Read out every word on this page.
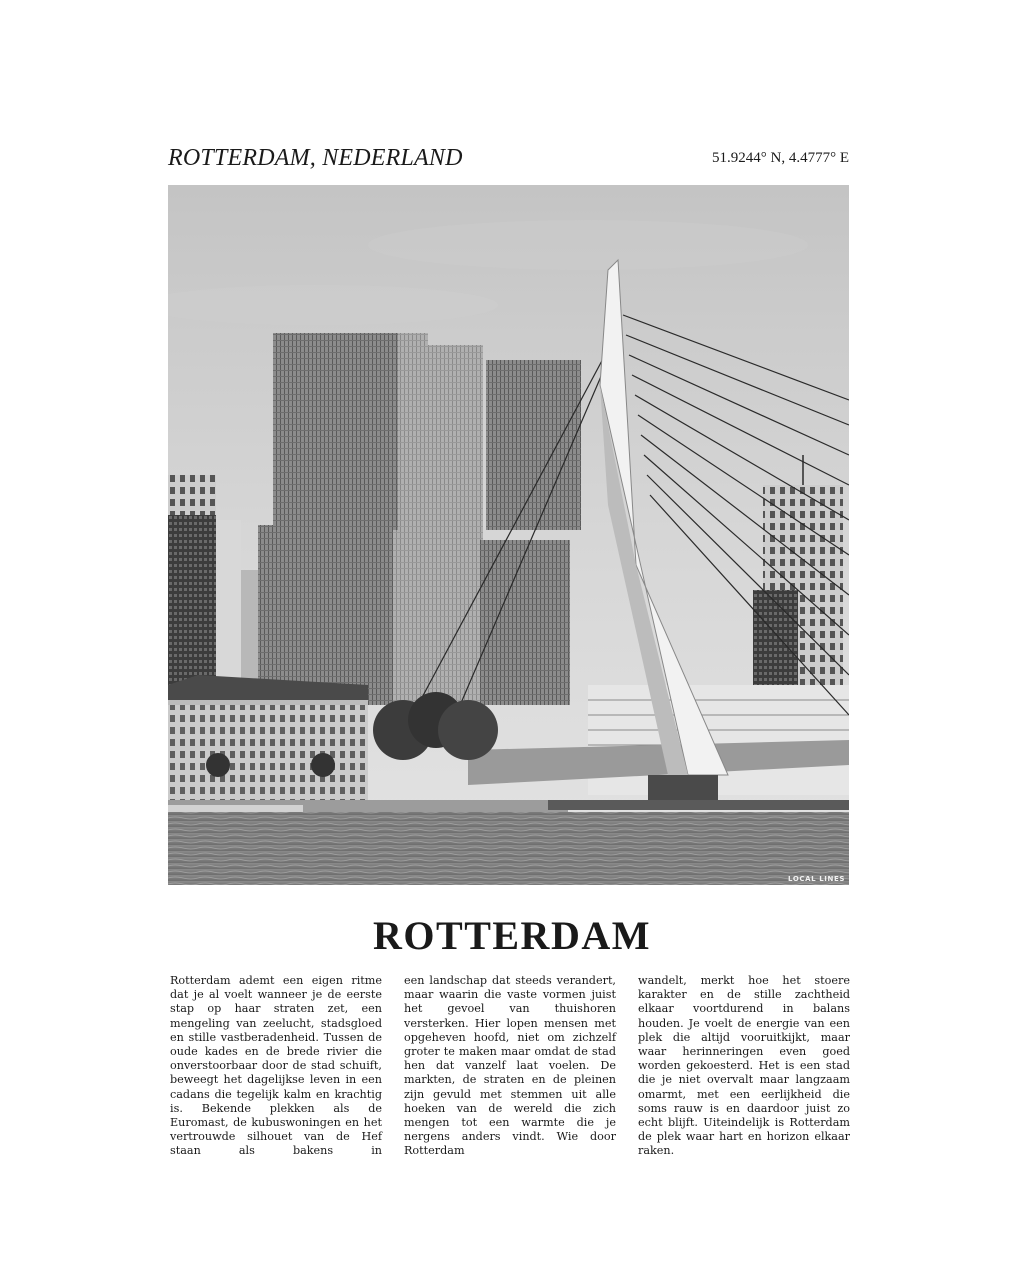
ROTTERDAM, NEDERLAND	51.9244° N, 4.4777° E
LOCAL LINES
ROTTERDAM
Rotterdam ademt een eigen ritme dat je al voelt wanneer je de eerste stap op haar straten zet, een mengeling van zeelucht, stadsgloed en stille vastberadenheid. Tussen de oude kades en de brede rivier die onverstoorbaar door de stad schuift, beweegt het dagelijkse leven in een cadans die tegelijk kalm en krachtig is. Bekende plekken als de Euromast, de kubuswoningen en het vertrouwde silhouet van de Hef staan als bakens in
een landschap dat steeds verandert, maar waarin die vaste vormen juist het gevoel van thuishoren versterken. Hier lopen mensen met opgeheven hoofd, niet om zichzelf groter te maken maar omdat de stad hen dat vanzelf laat voelen. De markten, de straten en de pleinen zijn gevuld met stemmen uit alle hoeken van de wereld die zich mengen tot een warmte die je nergens anders vindt. Wie door Rotterdam
wandelt, merkt hoe het stoere karakter en de stille zachtheid elkaar voortdurend in balans houden. Je voelt de energie van een plek die altijd vooruitkijkt, maar waar herinneringen even goed worden gekoesterd. Het is een stad die je niet overvalt maar langzaam omarmt, met een eerlijkheid die soms rauw is en daardoor juist zo echt blijft. Uiteindelijk is Rotterdam de plek waar hart en horizon elkaar raken.
